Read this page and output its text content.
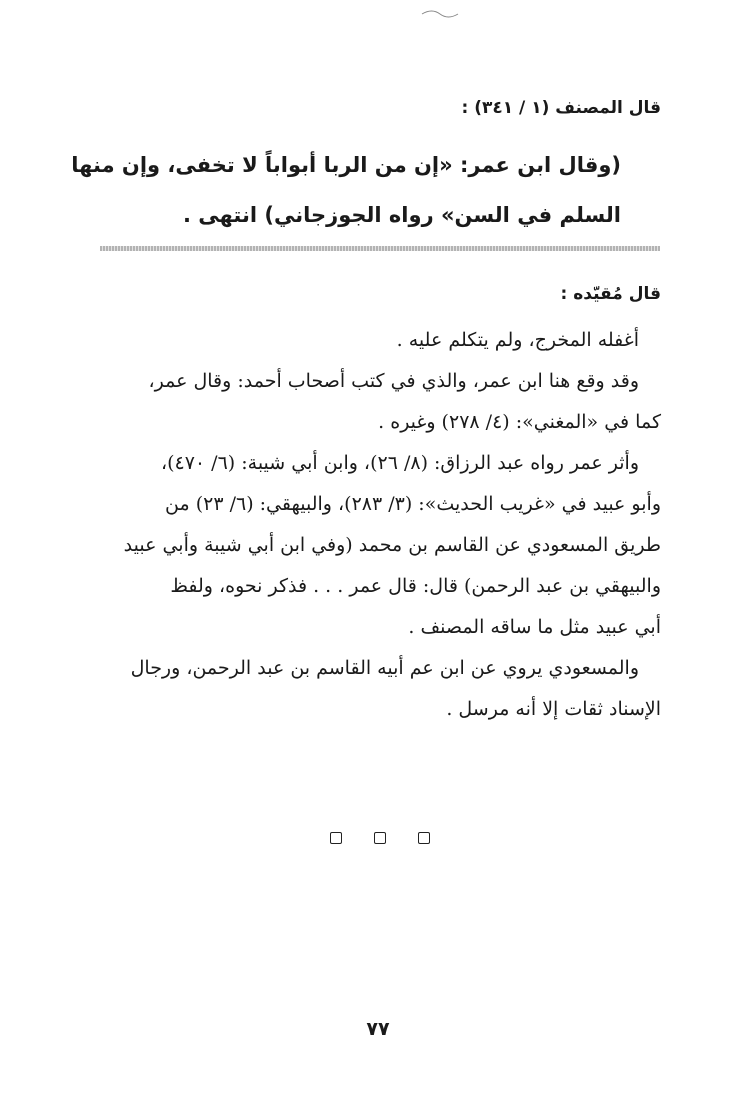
قال المصنف (١ / ٣٤١) :
(وقال ابن عمر: «إن من الربا أبواباً لا تخفى، وإن منها
السلم في السن» رواه الجوزجاني) انتهى .
قال مُقيّده :

أغفله المخرج، ولم يتكلم عليه .

وقد وقع هنا ابن عمر، والذي في كتب أصحاب أحمد: وقال عمر،
كما في «المغني»: (٤/ ٢٧٨) وغيره .

وأثر عمر رواه عبد الرزاق: (٨/ ٢٦)، وابن أبي شيبة: (٦/ ٤٧٠)،
وأبو عبيد في «غريب الحديث»: (٣/ ٢٨٣)، والبيهقي: (٦/ ٢٣) من
طريق المسعودي عن القاسم بن محمد (وفي ابن أبي شيبة وأبي عبيد
والبيهقي بن عبد الرحمن) قال: قال عمر . . . فذكر نحوه، ولفظ
أبي عبيد مثل ما ساقه المصنف .

والمسعودي يروي عن ابن عم أبيه القاسم بن عبد الرحمن، ورجال
الإسناد ثقات إلا أنه مرسل .

٧٧
